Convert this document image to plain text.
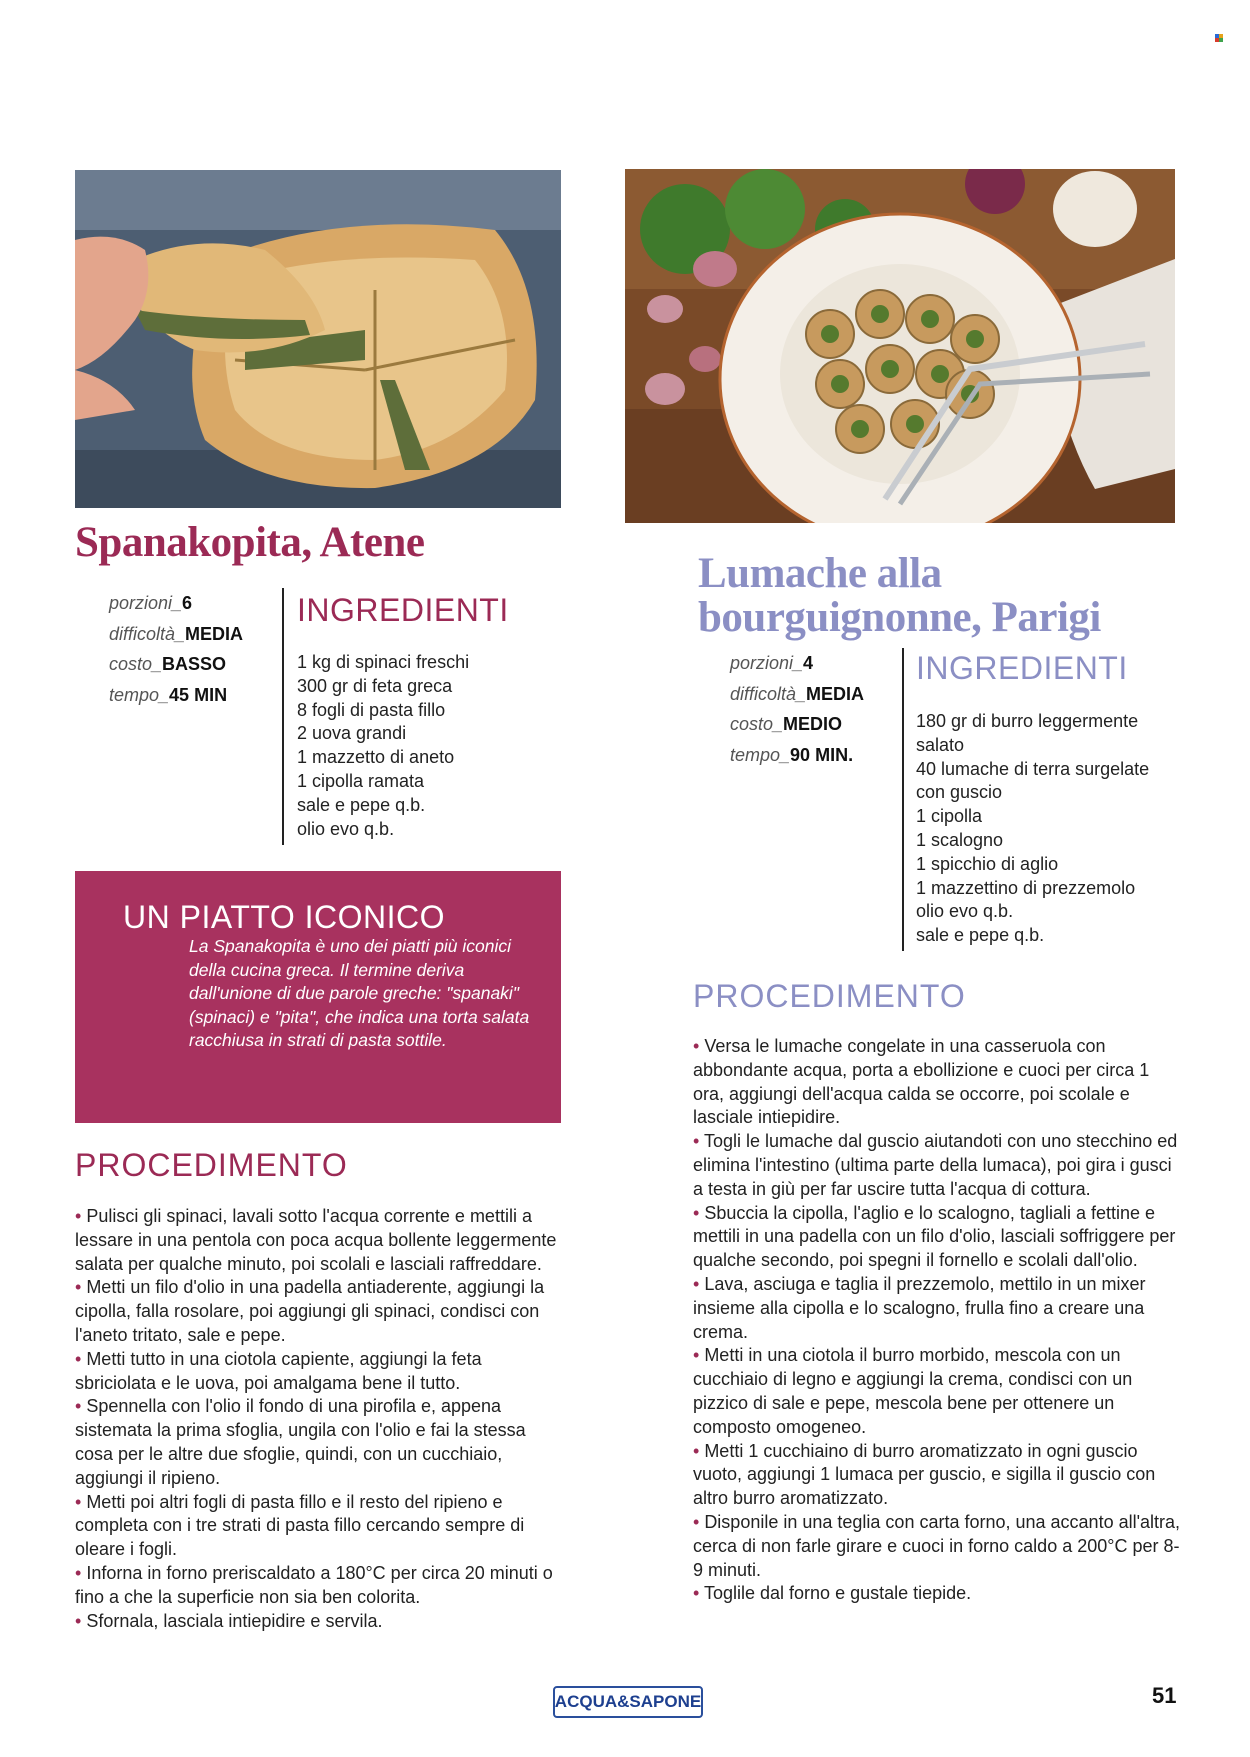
Spanakopita, Atene
porzioni_6
difficoltà_MEDIA
costo_BASSO
tempo_45 MIN
INGREDIENTI
1 kg di spinaci freschi
300 gr di feta greca
8 fogli di pasta fillo
2 uova grandi
1 mazzetto di aneto
1 cipolla ramata
sale e pepe q.b.
olio evo q.b.
UN PIATTO ICONICO
La Spanakopita è uno dei piatti più iconici della cucina greca. Il termine deriva dall'unione di due parole greche: "spanaki" (spinaci) e "pita", che indica una torta salata racchiusa in strati di pasta sottile.
PROCEDIMENTO

• Pulisci gli spinaci, lavali sotto l'acqua corrente e mettili a lessare in una pentola con poca acqua bollente leggermente salata per qualche minuto, poi scolali e lasciali raffreddare.

• Metti un filo d'olio in una padella antiaderente, aggiungi la cipolla, falla rosolare, poi aggiungi gli spinaci, condisci con l'aneto tritato, sale e pepe.

• Metti tutto in una ciotola capiente, aggiungi la feta sbriciolata e le uova, poi amalgama bene il tutto.

• Spennella con l'olio il fondo di una pirofila e, appena sistemata la prima sfoglia, ungila con l'olio e fai la stessa cosa per le altre due sfoglie, quindi, con un cucchiaio, aggiungi il ripieno.

• Metti poi altri fogli di pasta fillo e il resto del ripieno e completa con i tre strati di pasta fillo cercando sempre di oleare i fogli.

• Inforna in forno preriscaldato a 180°C per circa 20 minuti o fino a che la superficie non sia ben colorita.

• Sfornala, lasciala intiepidire e servila.

Lumache alla
bourguignonne, Parigi
porzioni_4
difficoltà_MEDIA
costo_MEDIO
tempo_90 MIN.
INGREDIENTI
180 gr di burro leggermente
salato
40 lumache di terra surgelate
con guscio
1 cipolla
1 scalogno
1 spicchio di aglio
1 mazzettino di prezzemolo
olio evo q.b.
sale e pepe q.b.
PROCEDIMENTO

• Versa le lumache congelate in una casseruola con abbondante acqua, porta a ebollizione e cuoci per circa 1 ora, aggiungi dell'acqua calda se occorre, poi scolale e lasciale intiepidire.

• Togli le lumache dal guscio aiutandoti con uno stecchino ed elimina l'intestino (ultima parte della lumaca), poi gira i gusci a testa in giù per far uscire tutta l'acqua di cottura.

• Sbuccia la cipolla, l'aglio e lo scalogno, tagliali a fettine e mettili in una padella con un filo d'olio, lasciali soffriggere per qualche secondo, poi spegni il fornello e scolali dall'olio.

• Lava, asciuga e taglia il prezzemolo, mettilo in un mixer insieme alla cipolla e lo scalogno, frulla fino a creare una crema.

• Metti in una ciotola il burro morbido, mescola con un cucchiaio di legno e aggiungi la crema, condisci con un pizzico di sale e pepe, mescola bene per ottenere un composto omogeneo.

• Metti 1 cucchiaino di burro aromatizzato in ogni guscio vuoto, aggiungi 1 lumaca per guscio, e sigilla il guscio con altro burro aromatizzato.

• Disponile in una teglia con carta forno, una accanto all'altra, cerca di non farle girare e cuoci in forno caldo a 200°C per 8-9 minuti.

• Toglile dal forno e gustale tiepide.

ACQUA&SAPONE	51
